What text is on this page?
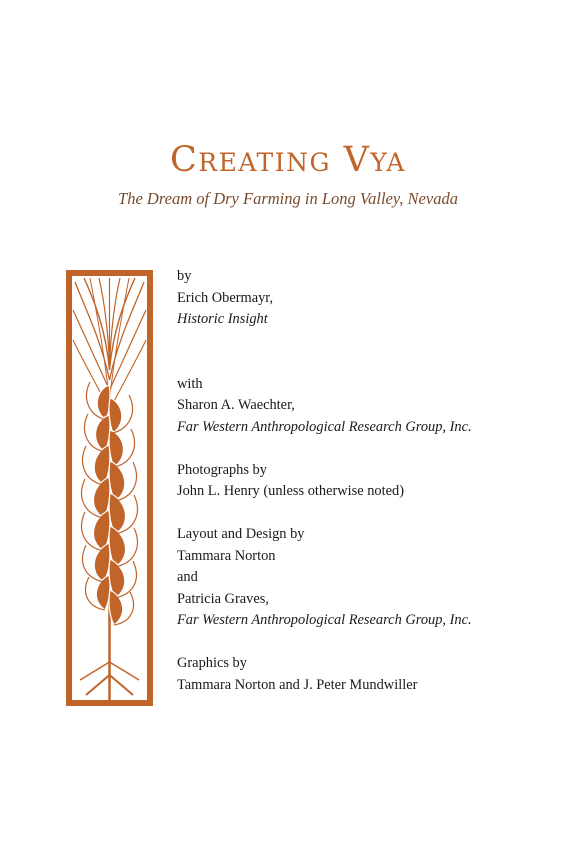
Creating Vya

The Dream of Dry Farming in Long Valley, Nevada

by
Erich Obermayr,
Historic Insight
with
Sharon A. Waechter,
Far Western Anthropological Research Group, Inc.
Photographs by
John L. Henry (unless otherwise noted)
Layout and Design by
Tammara Norton
and
Patricia Graves,
Far Western Anthropological Research Group, Inc.
Graphics by
Tammara Norton and J. Peter Mundwiller
